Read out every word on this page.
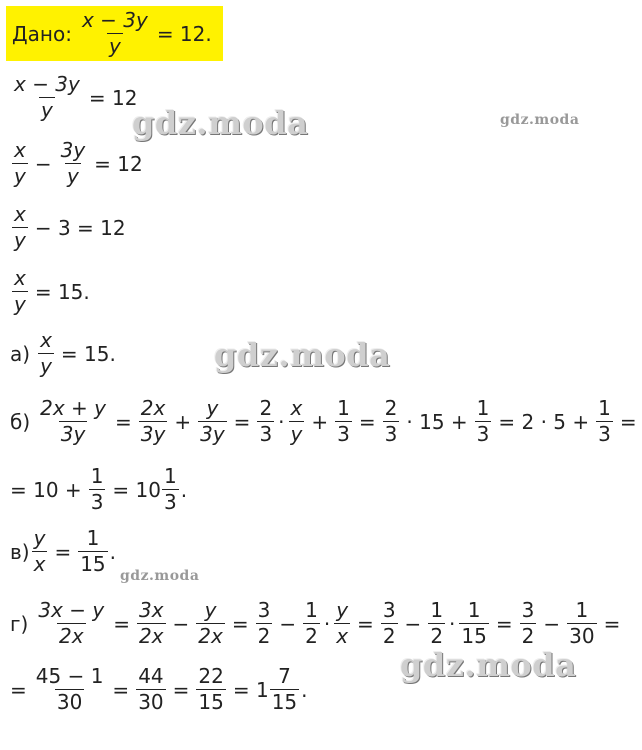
Дано: $\frac{x - 3y}{y} = 12$.
$\frac{x - 3y}{y} = 12$
$\frac{x}{y} - \frac{3y}{y} = 12$
$\frac{x}{y} - 3 = 12$
$\frac{x}{y} = 15$.
$а) \frac{x}{y} = 15$.
$б) \frac{2x + y}{3y} = \frac{2x}{3y} + \frac{y}{3y} = \frac{2}{3} \cdot \frac{x}{y} + \frac{1}{3} = \frac{2}{3} \cdot 15 + \frac{1}{3} = 2 \cdot 5 + \frac{1}{3}$ =
= $10 + \frac{1}{3} = 10 \frac{1}{3}$ .
$в) \frac{y}{x} = \frac{1}{15}$ .
$г) \frac{3x - y}{2x} = \frac{3x}{2x} - \frac{y}{2x} = \frac{3}{2} - \frac{1}{2} \cdot \frac{y}{x} = \frac{3}{2} - \frac{1}{2} \cdot \frac{1}{15} = \frac{3}{2} - \frac{1}{30}$ =
= $\frac{45 - 1}{30} = \frac{44}{30} = \frac{22}{15} = 1 \frac{7}{15}$ .
gdz.moda	gdz.moda
gdz.moda
gdz.moda
gdz.moda
